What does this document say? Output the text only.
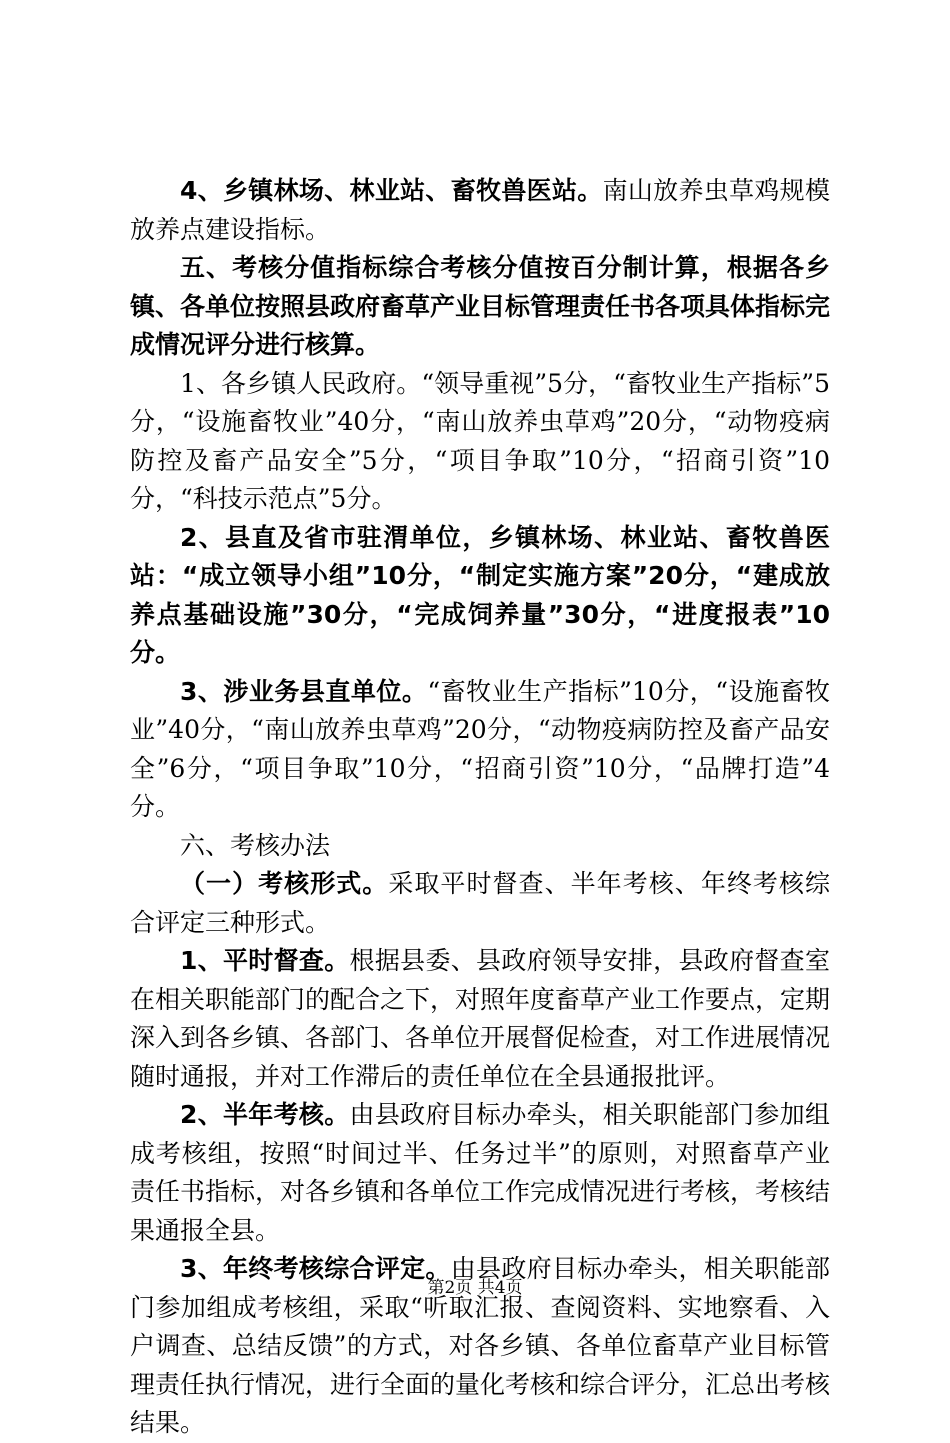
4、乡镇林场、林业站、畜牧兽医站。南山放养虫草鸡规模放养点建设指标。

五、考核分值指标综合考核分值按百分制计算，根据各乡镇、各单位按照县政府畜草产业目标管理责任书各项具体指标完成情况评分进行核算。

1、各乡镇人民政府。“领导重视”5分，“畜牧业生产指标”5分，“设施畜牧业”40分，“南山放养虫草鸡”20分，“动物疫病防控及畜产品安全”5分，“项目争取”10分，“招商引资”10分，“科技示范点”5分。

2、县直及省市驻渭单位，乡镇林场、林业站、畜牧兽医站：“成立领导小组”10分，“制定实施方案”20分，“建成放养点基础设施”30分，“完成饲养量”30分，“进度报表”10分。

3、涉业务县直单位。“畜牧业生产指标”10分，“设施畜牧业”40分，“南山放养虫草鸡”20分，“动物疫病防控及畜产品安全”6分，“项目争取”10分，“招商引资”10分，“品牌打造”4分。

六、考核办法

（一）考核形式。采取平时督查、半年考核、年终考核综合评定三种形式。

1、平时督查。根据县委、县政府领导安排，县政府督查室在相关职能部门的配合之下，对照年度畜草产业工作要点，定期深入到各乡镇、各部门、各单位开展督促检查，对工作进展情况随时通报，并对工作滞后的责任单位在全县通报批评。

2、半年考核。由县政府目标办牵头，相关职能部门参加组成考核组，按照“时间过半、任务过半”的原则，对照畜草产业责任书指标，对各乡镇和各单位工作完成情况进行考核，考核结果通报全县。

3、年终考核综合评定。由县政府目标办牵头，相关职能部门参加组成考核组，采取“听取汇报、查阅资料、实地察看、入户调查、总结反馈”的方式，对各乡镇、各单位畜草产业目标管理责任执行情况，进行全面的量化考核和综合评分，汇总出考核结果。

第2页 共4页
